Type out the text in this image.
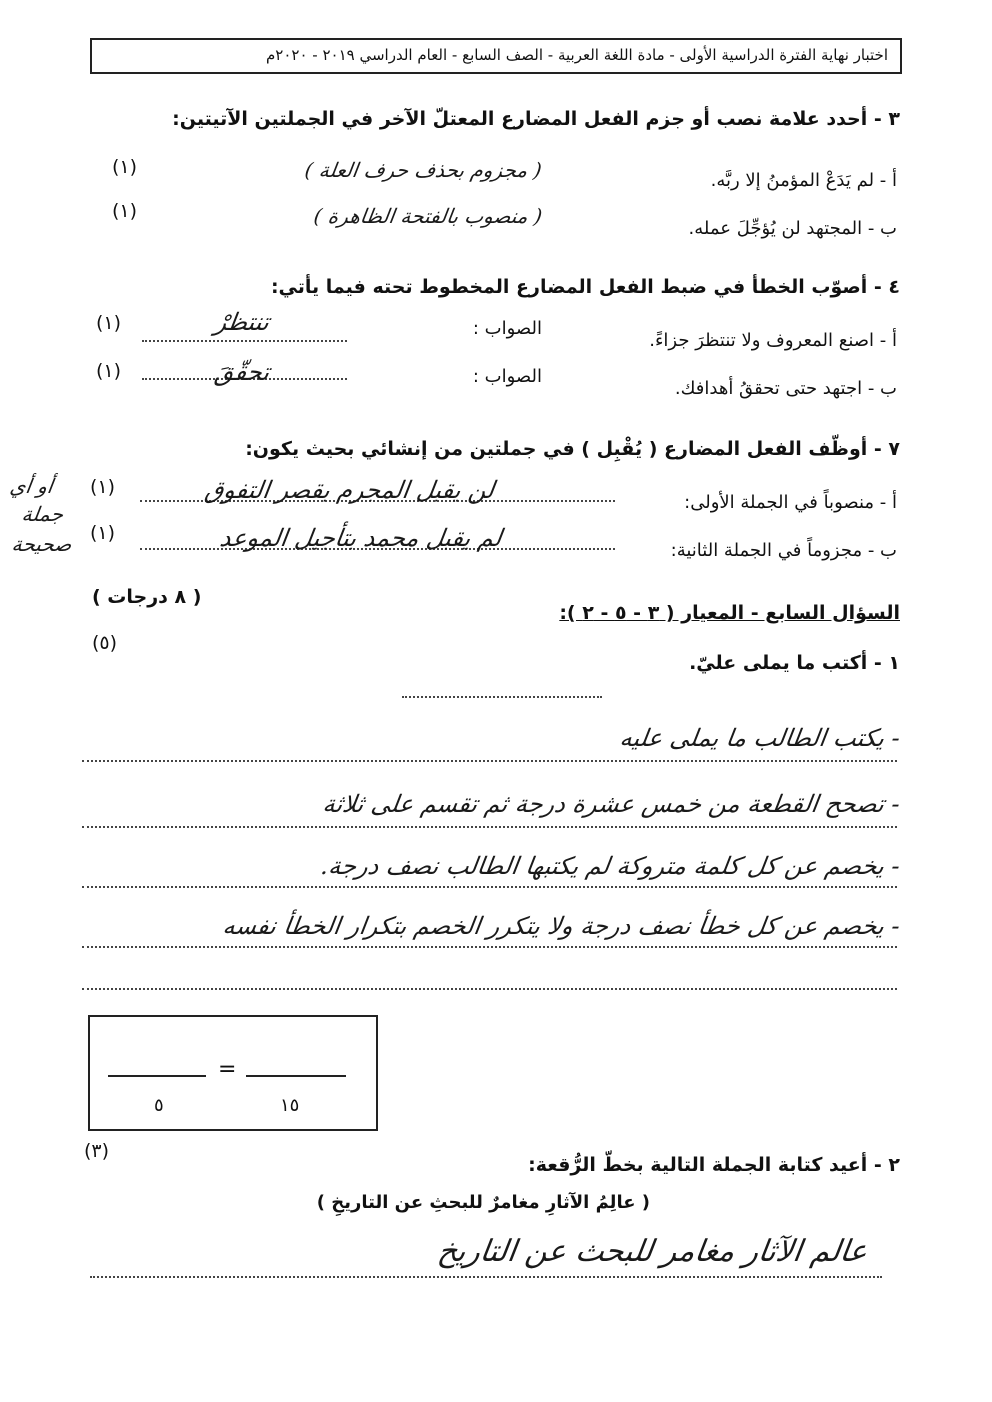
اختبار نهاية الفترة الدراسية الأولى - مادة اللغة العربية - الصف السابع - العام الدراسي ٢٠١٩ - ٢٠٢٠م
٣ - أحدد علامة نصب أو جزم الفعل المضارع المعتلّ الآخر في الجملتين الآتيتين:
أ - لم يَدَعْ المؤمنُ إلا ربَّه.
( مجزوم بحذف حرف العلة )
(١)
ب - المجتهد لن يُؤجِّلَ عمله.
( منصوب بالفتحة الظاهرة )
(١)
٤ - أصوّب الخطأ في ضبط الفعل المضارع المخطوط تحته فيما يأتي:
أ - اصنع المعروف ولا تنتظرَ جزاءً.
الصواب :
تنتظرْ
(١)
ب - اجتهد حتى تحققُ أهدافك.
الصواب :
تحقّقَ
(١)
٧ - أوظّف الفعل المضارع ( يُقْبِل ) في جملتين من إنشائي بحيث يكون:
أ - منصوباً في الجملة الأولى:
لن يقبل المجرم بقصر التفوق
(١)
ب - مجزوماً في الجملة الثانية:
لم يقبل محمد بتأجيل الموعد
(١)
أو أي
جملة
صحيحة
السؤال السابع - المعيار ( ٣ - ٥ - ٢ ):
( ٨ درجات )
(٥)
١ - أكتب ما يملى عليّ.
- يكتب الطالب ما يملى عليه
- تصحح القطعة من خمس عشرة درجة ثم تقسم على ثلاثة
- يخصم عن كل كلمة متروكة لم يكتبها الطالب نصف درجة.
- يخصم عن كل خطأ نصف درجة ولا يتكرر الخصم بتكرار الخطأ نفسه
=
٥	١٥
(٣)
٢ - أعيد كتابة الجملة التالية بخطّ الرُّقعة:
( عالِمُ الآثارِ مغامرٌ للبحثِ عن التاريخِ )
عالم الآثار مغامر للبحث عن التاريخ
